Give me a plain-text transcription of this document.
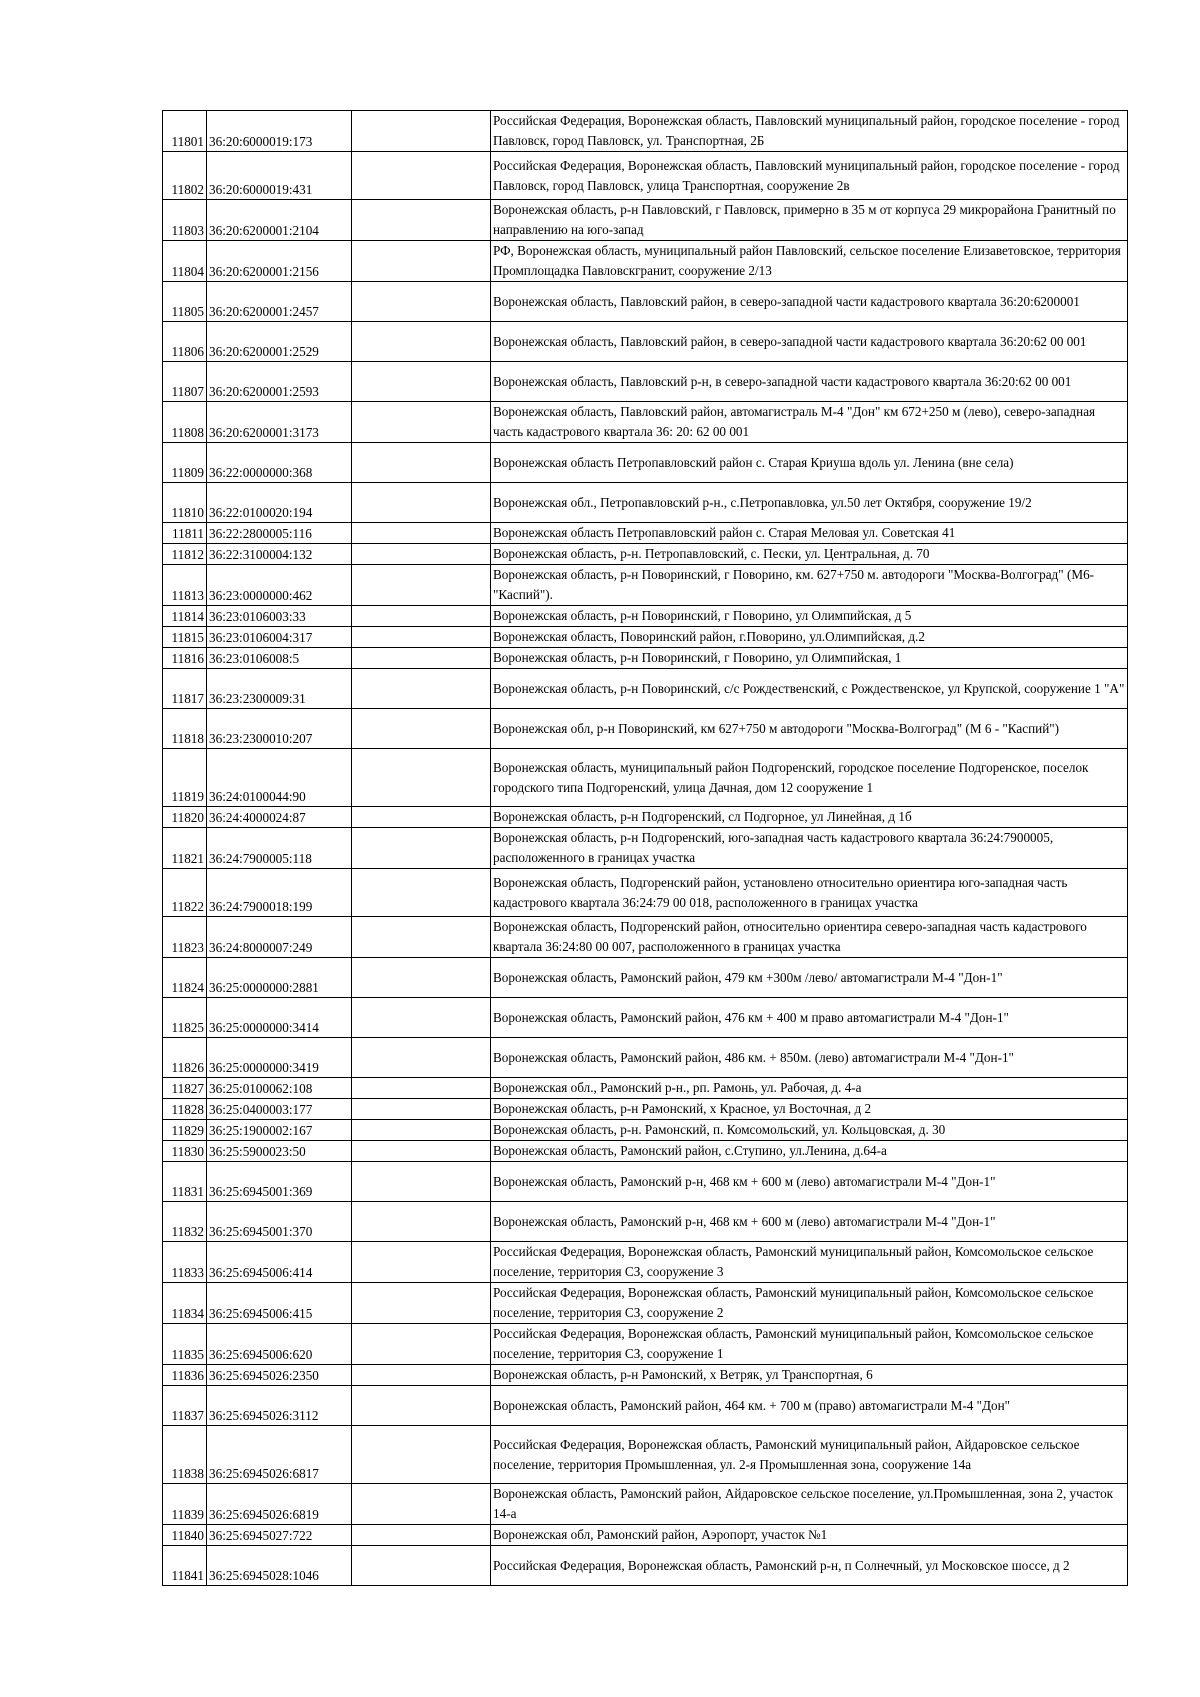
11801	36:20:6000019:173		Российская Федерация, Воронежская область, Павловский муниципальный район, городское поселение - город Павловск, город Павловск, ул. Транспортная, 2Б

11802	36:20:6000019:431		Российская Федерация, Воронежская область, Павловский муниципальный район, городское поселение - город Павловск, город Павловск, улица Транспортная, сооружение 2в

11803	36:20:6200001:2104		Воронежская область, р-н Павловский, г Павловск, примерно в 35 м от корпуса 29 микрорайона Гранитный по направлению на юго-запад

11804	36:20:6200001:2156		РФ, Воронежская область, муниципальный район Павловский, сельское поселение Елизаветовское, территория Промплощадка Павловскгранит, сооружение 2/13

11805	36:20:6200001:2457		Воронежская область, Павловский район, в северо-западной части кадастрового квартала 36:20:6200001

11806	36:20:6200001:2529		Воронежская область, Павловский район, в северо-западной части кадастрового квартала 36:20:62 00 001

11807	36:20:6200001:2593		Воронежская область, Павловский р-н, в северо-западной части кадастрового квартала 36:20:62 00 001

11808	36:20:6200001:3173		Воронежская область, Павловский район, автомагистраль М-4 "Дон" км 672+250 м (лево), северо-западная часть кадастрового квартала 36: 20: 62 00 001

11809	36:22:0000000:368		Воронежская область Петропавловский район с. Старая Криуша вдоль ул. Ленина (вне села)

11810	36:22:0100020:194		Воронежская обл., Петропавловский р-н., с.Петропавловка, ул.50 лет Октября, сооружение 19/2

11811	36:22:2800005:116		Воронежская область Петропавловский район с. Старая Меловая ул. Советская 41

11812	36:22:3100004:132		Воронежская область, р-н. Петропавловский, с. Пески, ул. Центральная, д. 70

11813	36:23:0000000:462		Воронежская область, р-н Поворинский, г Поворино, км. 627+750 м. автодороги "Москва-Волгоград" (М6-"Каспий").

11814	36:23:0106003:33		Воронежская область, р-н Поворинский, г Поворино, ул Олимпийская, д 5

11815	36:23:0106004:317		Воронежская область, Поворинский район, г.Поворино, ул.Олимпийская, д.2

11816	36:23:0106008:5		Воронежская область, р-н Поворинский, г Поворино, ул Олимпийская, 1

11817	36:23:2300009:31		Воронежская область, р-н Поворинский, с/с Рождественский, с Рождественское, ул Крупской, сооружение 1 "А"

11818	36:23:2300010:207		Воронежская обл, р-н Поворинский, км 627+750 м автодороги "Москва-Волгоград" (М 6 - "Каспий")

11819	36:24:0100044:90		Воронежская область, муниципальный район Подгоренский, городское поселение Подгоренское, поселок городского типа Подгоренский, улица Дачная, дом 12 сооружение 1

11820	36:24:4000024:87		Воронежская область, р-н Подгоренский, сл Подгорное, ул Линейная, д 1б

11821	36:24:7900005:118		Воронежская область, р-н Подгоренский, юго-западная часть кадастрового квартала 36:24:7900005, расположенного в границах участка

11822	36:24:7900018:199		Воронежская область, Подгоренский район, установлено относительно ориентира юго-западная часть кадастрового квартала 36:24:79 00 018, расположенного в границах участка

11823	36:24:8000007:249		Воронежская область, Подгоренский район, относительно ориентира северо-западная часть кадастрового квартала 36:24:80 00 007, расположенного в границах участка

11824	36:25:0000000:2881		Воронежская область, Рамонский район, 479 км +300м /лево/ автомагистрали М-4 "Дон-1"

11825	36:25:0000000:3414		Воронежская область, Рамонский район, 476 км + 400 м право автомагистрали М-4 "Дон-1"

11826	36:25:0000000:3419		Воронежская область, Рамонский район, 486 км. + 850м. (лево) автомагистрали М-4 "Дон-1"

11827	36:25:0100062:108		Воронежская обл., Рамонский р-н., рп. Рамонь, ул. Рабочая, д. 4-а

11828	36:25:0400003:177		Воронежская область, р-н Рамонский, х Красное, ул Восточная, д 2

11829	36:25:1900002:167		Воронежская область, р-н. Рамонский, п. Комсомольский, ул. Кольцовская, д. 30

11830	36:25:5900023:50		Воронежская область, Рамонский район, с.Ступино, ул.Ленина, д.64-а

11831	36:25:6945001:369		Воронежская область, Рамонский р-н, 468 км + 600 м (лево) автомагистрали М-4 "Дон-1"

11832	36:25:6945001:370		Воронежская область, Рамонский р-н, 468 км + 600 м (лево) автомагистрали М-4 "Дон-1"

11833	36:25:6945006:414		Российская Федерация, Воронежская область, Рамонский муниципальный район, Комсомольское сельское поселение, территория СЗ, сооружение 3

11834	36:25:6945006:415		Российская Федерация, Воронежская область, Рамонский муниципальный район, Комсомольское сельское поселение, территория СЗ, сооружение 2

11835	36:25:6945006:620		Российская Федерация, Воронежская область, Рамонский муниципальный район, Комсомольское сельское поселение, территория СЗ, сооружение 1

11836	36:25:6945026:2350		Воронежская область, р-н Рамонский, х Ветряк, ул Транспортная, 6

11837	36:25:6945026:3112		Воронежская область, Рамонский район, 464 км. + 700 м (право) автомагистрали М-4 "Дон"

11838	36:25:6945026:6817		Российская Федерация, Воронежская область, Рамонский муниципальный район, Айдаровское сельское поселение, территория Промышленная, ул. 2-я Промышленная зона, сооружение 14а

11839	36:25:6945026:6819		Воронежская область, Рамонский район, Айдаровское сельское поселение, ул.Промышленная, зона 2, участок 14-а

11840	36:25:6945027:722		Воронежская обл, Рамонский район, Аэропорт, участок №1

11841	36:25:6945028:1046		Российская Федерация, Воронежская область, Рамонский р-н, п Солнечный, ул Московское шоссе, д 2
